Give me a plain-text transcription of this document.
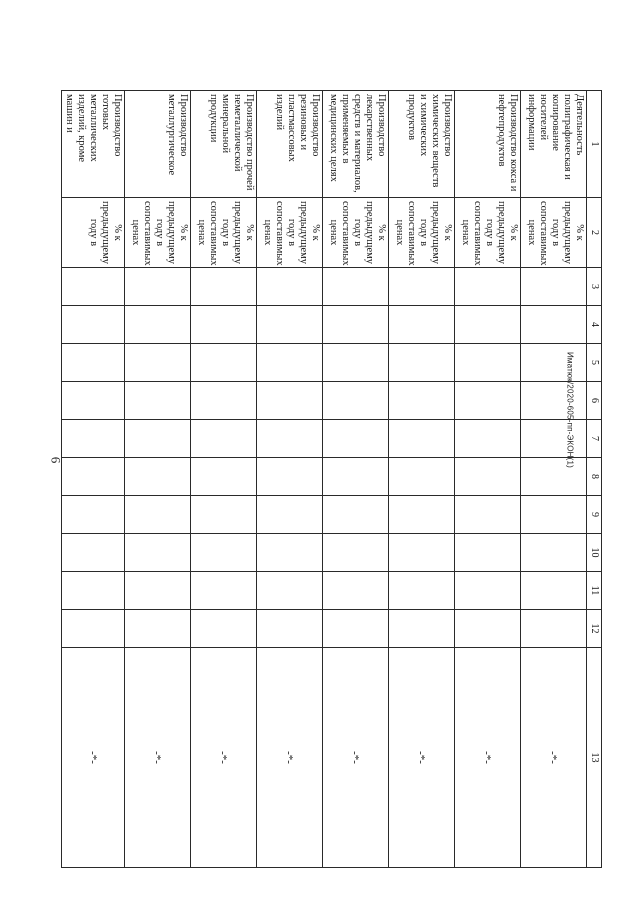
6	Иматюк/2020-605-пп-ЭКОН(1)
1	2	3	4	5	6	7	8	9	10	11	12	13
Деятельность полиграфическая и копирование носителей информации	% к предыдущему году в сопоставимых ценах											-*-
Производство кокса и нефтепродуктов	% к предыдущему году в сопоставимых ценах											-*-
Производство химических веществ и химических продуктов	% к предыдущему году в сопоставимых ценах											-*-
Производство лекарственных средств и материалов, применяемых в медицинских целях	% к предыдущему году в сопоставимых ценах											-*-
Производство резиновых и пластмассовых изделий	% к предыдущему году в сопоставимых ценах											-*-
Производство прочей неметаллической минеральной продукции	% к предыдущему году в сопоставимых ценах											-*-
Производство металлургическое	% к предыдущему году в сопоставимых ценах											-*-
Производство готовых металлических изделий, кроме машин и	% к предыдущему году в											-*-
